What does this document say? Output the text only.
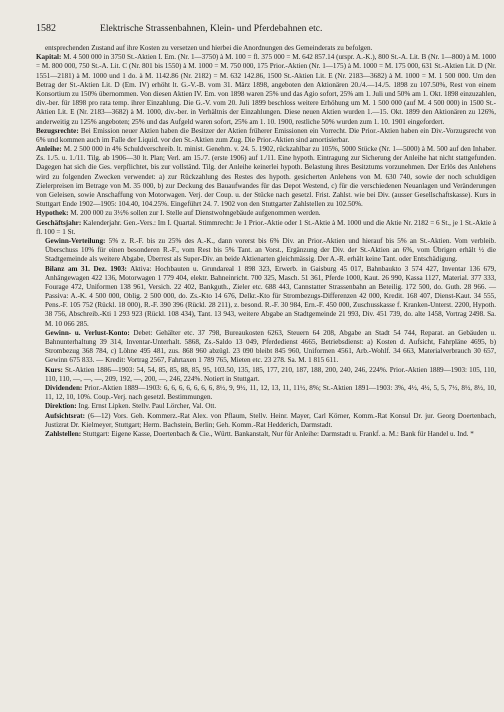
1582	Elektrische Strassenbahnen, Klein- und Pferdebahnen etc.

entsprechenden Zustand auf ihre Kosten zu versetzen und hierbei die Anordnungen des Gemeinderats zu befolgen.

Kapital: M. 4 500 000 in 3750 St.-Aktien I. Em. (Nr. 1—3750) à M. 100 = fl. 375 000 = M. 642 857.14 (urspr. A.-K.), 800 St.-A. Lit. B (Nr. 1—800) à M. 1000 = M. 800 000, 750 St.-A. Lit. C (Nr. 801 bis 1550) à M. 1000 = M. 750 000, 175 Prior.-Aktien (Nr. 1—175) à M. 1000 = M. 175 000, 631 St.-Aktien Lit. D (Nr. 1551—2181) à M. 1000 und 1 do. à M. 1142.86 (Nr. 2182) = M. 632 142.86, 1500 St.-Aktien Lit. E (Nr. 2183—3682) à M. 1000 = M. 1 500 000. Um den Betrag der St.-Aktien Lit. D (Em. IV) erhöht lt. G.-V.-B. vom 31. März 1898, angeboten den Aktionären 20./4.—14./5. 1898 zu 107.50%, Rest von einem Konsortium zu 150% übernommen. Von diesen Aktien IV. Em. von 1898 waren 25% und das Agio sofort, 25% am 1. Juli und 50% am 1. Okt. 1898 einzuzahlen, div.-ber. für 1898 pro rata temp. ihrer Einzahlung. Die G.-V. vom 20. Juli 1899 beschloss weitere Erhöhung um M. 1 500 000 (auf M. 4 500 000) in 1500 St.-Aktien Lit. E (Nr. 2183—3682) à M. 1000, div.-ber. in Verhältnis der Einzahlungen. Diese neuen Aktien wurden 1.—15. Okt. 1899 den Aktionären zu 126%, anderweitig zu 125% angeboten; 25% und das Aufgeld waren sofort, 25% am 1. 10. 1900, restliche 50% wurden zum 1. 10. 1901 eingefordert.

Bezugsrechte: Bei Emission neuer Aktien haben die Besitzer der Aktien früherer Emissionen ein Vorrecht. Die Prior.-Aktien haben ein Div.-Vorzugsrecht von 6% und kommen auch im Falle der Liquid. vor den St.-Aktien zum Zug. Die Prior.-Aktien sind amortisierbar.

Anleihe: M. 2 500 000 in 4% Schuldverschreib. lt. minist. Genehm. v. 24. 5. 1902, rückzahlbar zu 105%, 5000 Stücke (Nr. 1—5000) à M. 500 auf den Inhaber. Zs. 1./5. u. 1./11. Tilg. ab 1906—30 lt. Plan; Verl. am 15./7. (erste 1906) auf 1./11. Eine hypoth. Eintragung zur Sicherung der Anleihe hat nicht stattgefunden. Dagegen hat sich die Ges. verpflichtet, bis zur vollständ. Tilg. der Anleihe keinerlei hypoth. Belastung ihres Besitztums vorzunehmen. Der Erlös des Anlehens wird zu folgenden Zwecken verwendet: a) zur Rückzahlung des Restes des hypoth. gesicherten Anlehens von M. 630 740, sowie der noch schuldigen Zielerpreisen im Betrage von M. 35 000, b) zur Deckung des Bauaufwandes für das Depot Westend, c) für die verschiedenen Neuanlagen und Veränderungen von Geleisen, sowie Anschaffung von Motorwagen. Verj. der Coup. u. der Stücke nach gesetzl. Frist. Zahlst. wie bei Div. (ausser Gesellschaftskasse). Kurs in Stuttgart Ende 1902—1905: 104.40, 104.25%. Eingeführt 24. 7. 1902 von den Stuttgarter Zahlstellen zu 102.50%.

Hypothek: M. 200 000 zu 3½% sollen zur I. Stelle auf Dienstwohngebäude aufgenommen werden.

Geschäftsjahr: Kalenderjahr. Gen.-Vers.: Im I. Quartal. Stimmrecht: Je 1 Prior.-Aktie oder 1 St.-Aktie à M. 1000 und die Aktie Nr. 2182 = 6 St., je 1 St.-Aktie à fl. 100 = 1 St.

Gewinn-Verteilung: 5% z. R.-F. bis zu 25% des A.-K., dann vorerst bis 6% Div. an Prior.-Aktien und hierauf bis 5% an St.-Aktien. Vom verbleib. Überschuss 10% für einen besonderen R.-F., vom Rest bis 5% Tant. an Vorst., Ergänzung der Div. der St.-Aktien an 6%, vom Übrigen erhält ½ die Stadtgemeinde als weitere Abgabe, Überrest als Super-Div. an beide Aktienarten gleichmässig. Der A.-R. erhält keine Tant. oder Entschädigung.

Bilanz am 31. Dez. 1903: Aktiva: Hochbauten u. Grundareal 1 898 323, Erwerb. in Gaisburg 45 017, Bahnbaukto 3 574 427, Inventar 136 679, Anhängewagen 422 136, Motorwagen 1 779 404, elektr. Bahneinricht. 700 325, Masch. 51 361, Pferde 1000, Kaut. 26 990, Kassa 1127, Material. 377 333, Fourage 472, Uniformen 138 961, Versich. 22 402, Bankguth., Zieler etc. 688 443, Cannstatter Strassenbahn an Beteilig. 172 500, do. Guth. 28 966. — Passiva: A.-K. 4 500 000, Oblig. 2 500 000, do. Zs.-Kto 14 676, Delkr.-Kto für Strombezugs-Differenzen 42 000, Kredit. 168 407, Dienst-Kaut. 34 555, Pens.-F. 105 752 (Rückl. 18 000), R.-F. 390 396 (Rückl. 28 211), z. besond. R.-F. 30 984, Ern.-F. 450 000, Zuschusskasse f. Kranken-Unterst. 2200, Hypoth. 38 756, Abschreib.-Kti 1 293 923 (Rückl. 108 434), Tant. 13 943, weitere Abgabe an Stadtgemeinde 21 993, Div. 451 739, do. alte 1458, Vortrag 2498. Sa. M. 10 066 285.

Gewinn- u. Verlust-Konto: Debet: Gehälter etc. 37 798, Bureaukosten 6263, Steuern 64 208, Abgabe an Stadt 54 744, Reparat. an Gebäuden u. Bahnunterhaltung 39 314, Inventar-Unterhalt. 5868, Zs.-Saldo 13 049, Pferdedienst 4665, Betriebsdienst: a) Kosten d. Aufsicht, Fahrpläne 4695, b) Strombezug 368 784, c) Löhne 495 481, zus. 868 960 abzügl. 23 090 bleibt 845 960, Uniformen 4561, Arb.-Wohlf. 34 663, Materialverbrauch 30 657, Gewinn 675 833. — Kredit: Vortrag 2567, Fahrtaxen 1 789 765, Mieten etc. 23 278. Sa. M. 1 815 611.

Kurs: St.-Aktien 1886—1903: 54, 54, 85, 85, 88, 85, 95, 103.50, 135, 185, 177, 210, 187, 188, 200, 240, 246, 224%. Prior.-Aktien 1889—1903: 105, 110, 110, 110, —, —, —, 209, 192, —, 200, —, 246, 224%. Notiert in Stuttgart.

Dividenden: Prior.-Aktien 1889—1903: 6, 6, 6, 6, 6, 6, 6, 8½, 9, 9½, 11, 12, 13, 11, 11½, 8%; St.-Aktien 1891—1903: 3%, 4½, 4½, 5, 5, 7½, 8½, 8½, 10, 11, 12, 10, 10%. Coup.-Verj. nach gesetzl. Bestimmungen.

Direktion: Ing. Ernst Lipken. Stellv. Paul Lörcher, Val. Ott.

Aufsichtsrat: (6—12) Vors. Geh. Kommerz.-Rat Alex. von Pflaum, Stellv. Heinr. Mayer, Carl Körner, Komm.-Rat Konsul Dr. jur. Georg Doertenbach, Justizrat Dr. Kielmeyer, Stuttgart; Herm. Bachstein, Berlin; Geh. Komm.-Rat Hedderich, Darmstadt.

Zahlstellen: Stuttgart: Eigene Kasse, Doertenbach & Cie., Württ. Bankanstalt, Nur für Anleihe: Darmstadt u. Frankf. a. M.: Bank für Handel u. Ind. *
